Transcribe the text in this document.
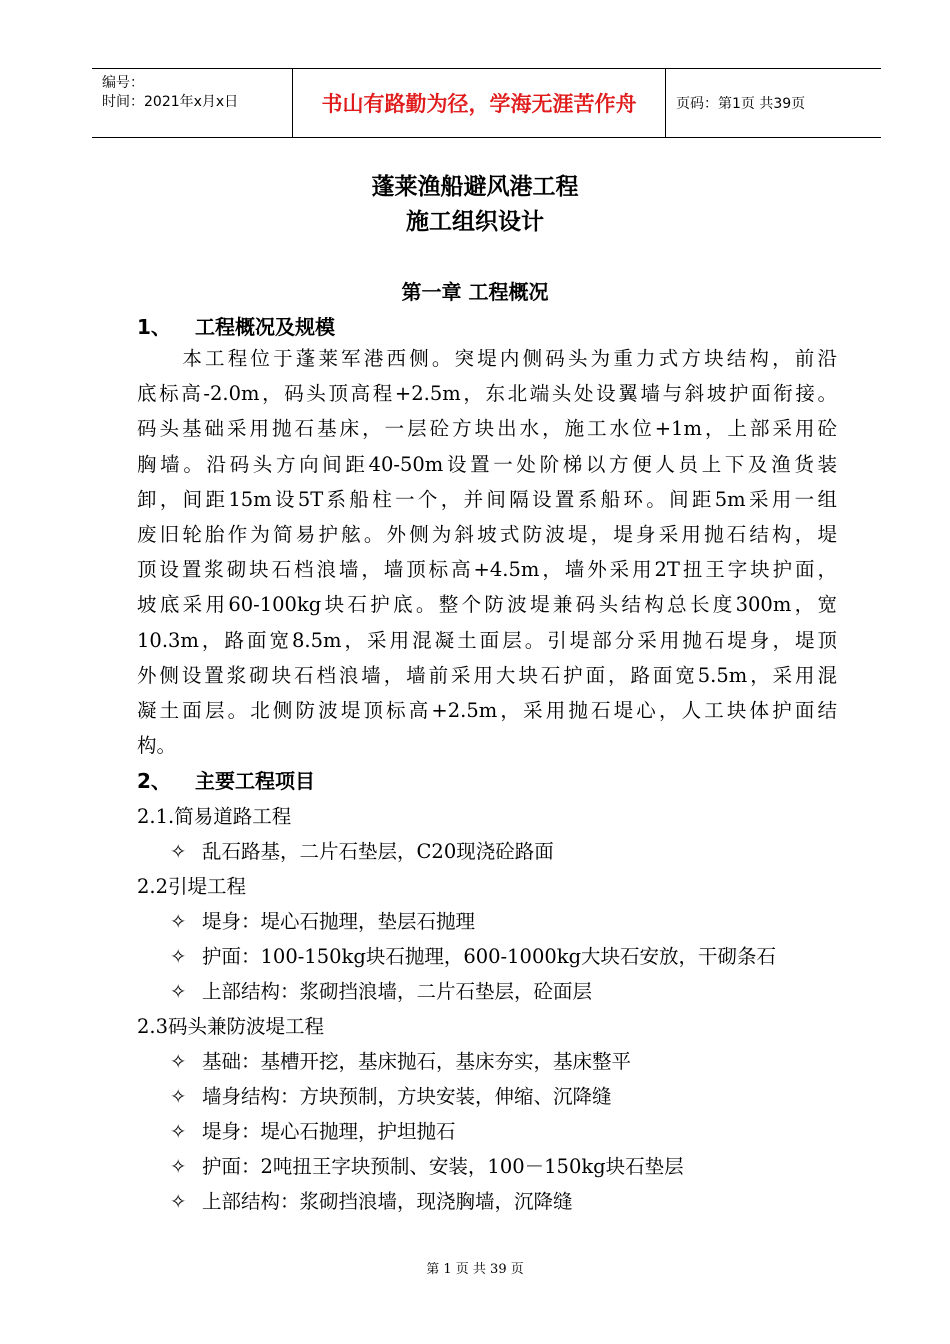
编号：
时间：2021年x月x日	书山有路勤为径，学海无涯苦作舟	页码：第1页 共39页
蓬莱渔船避风港工程
施工组织设计
第一章 工程概况
1、 工程概况及规模
　　本工程位于蓬莱军港西侧。突堤内侧码头为重力式方块结构，前沿
底标高-2.0m，码头顶高程+2.5m，东北端头处设翼墙与斜坡护面衔接。
码头基础采用抛石基床，一层砼方块出水，施工水位+1m，上部采用砼
胸墙。沿码头方向间距40-50m设置一处阶梯以方便人员上下及渔货装
卸，间距15m设5T系船柱一个，并间隔设置系船环。间距5m采用一组
废旧轮胎作为简易护舷。外侧为斜坡式防波堤，堤身采用抛石结构，堤
顶设置浆砌块石档浪墙，墙顶标高+4.5m，墙外采用2T扭王字块护面，
坡底采用60-100kg块石护底。整个防波堤兼码头结构总长度300m，宽
10.3m，路面宽8.5m，采用混凝土面层。引堤部分采用抛石堤身，堤顶
外侧设置浆砌块石档浪墙，墙前采用大块石护面，路面宽5.5m，采用混
凝土面层。北侧防波堤顶标高+2.5m，采用抛石堤心，人工块体护面结
构。
2、 主要工程项目
2.1.简易道路工程
✧ 乱石路基，二片石垫层，C20现浇砼路面
2.2引堤工程
✧ 堤身：堤心石抛理，垫层石抛理
✧ 护面：100-150kg块石抛理，600-1000kg大块石安放，干砌条石
✧ 上部结构：浆砌挡浪墙，二片石垫层，砼面层
2.3码头兼防波堤工程
✧ 基础：基槽开挖，基床抛石，基床夯实，基床整平
✧ 墙身结构：方块预制，方块安装，伸缩、沉降缝
✧ 堤身：堤心石抛理，护坦抛石
✧ 护面：2吨扭王字块预制、安装，100－150kg块石垫层
✧ 上部结构：浆砌挡浪墙，现浇胸墙，沉降缝
第 1 页 共 39 页
